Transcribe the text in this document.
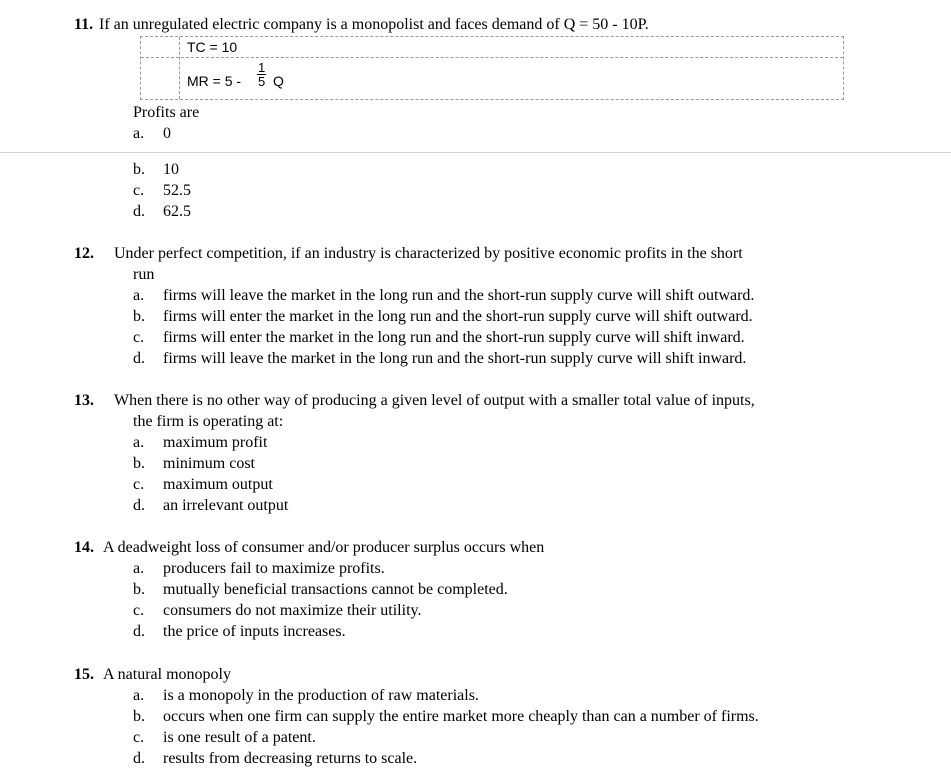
11. If an unregulated electric company is a monopolist and faces demand of Q = 50 - 10P.
TC = 10
MR = $5 - \frac{1}{5}$ Q
Profits are
a. 0
b. 10
c. 52.5
d. 62.5
12. Under perfect competition, if an industry is characterized by positive economic profits in the short
run
a. firms will leave the market in the long run and the short-run supply curve will shift outward.
b. firms will enter the market in the long run and the short-run supply curve will shift outward.
c. firms will enter the market in the long run and the short-run supply curve will shift inward.
d. firms will leave the market in the long run and the short-run supply curve will shift inward.
13. When there is no other way of producing a given level of output with a smaller total value of inputs,
the firm is operating at:
a. maximum profit
b. minimum cost
c. maximum output
d. an irrelevant output
14. A deadweight loss of consumer and/or producer surplus occurs when
a. producers fail to maximize profits.
b. mutually beneficial transactions cannot be completed.
c. consumers do not maximize their utility.
d. the price of inputs increases.
15. A natural monopoly
a. is a monopoly in the production of raw materials.
b. occurs when one firm can supply the entire market more cheaply than can a number of firms.
c. is one result of a patent.
d. results from decreasing returns to scale.
